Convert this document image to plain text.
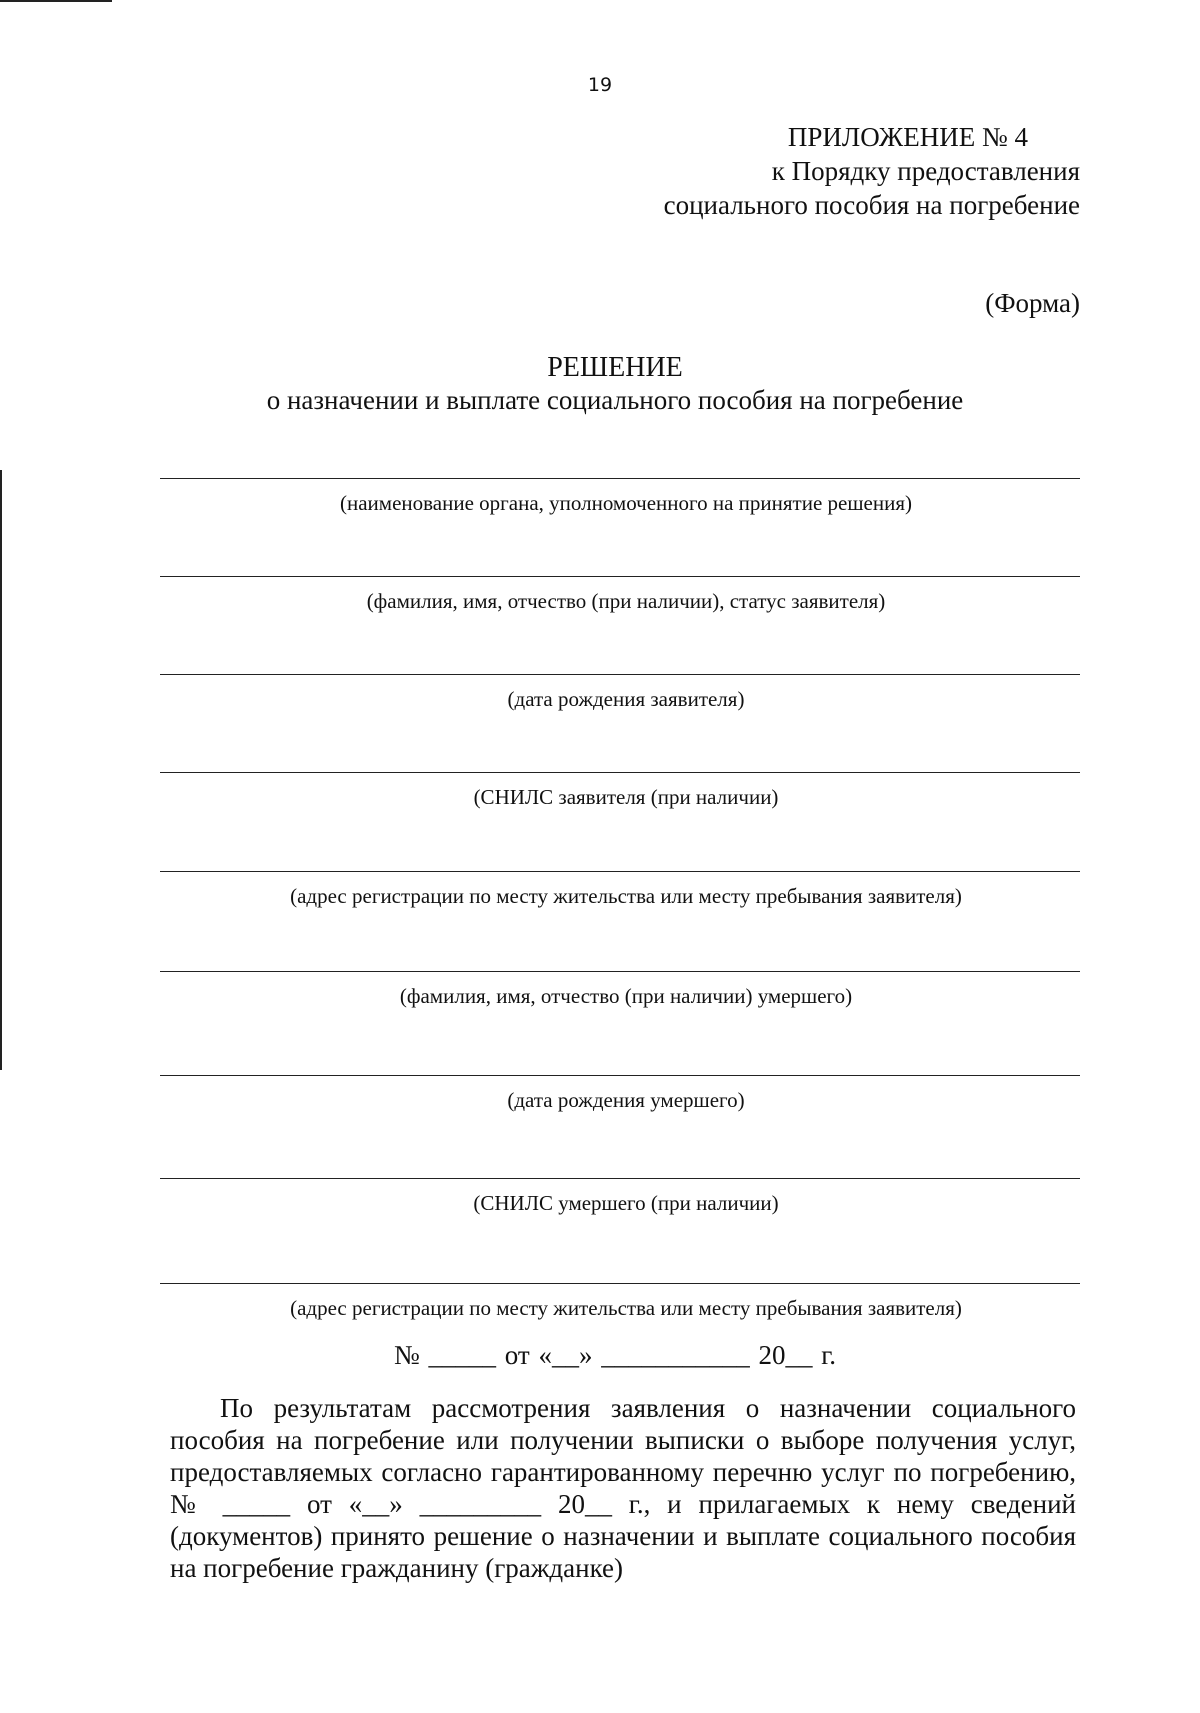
19
ПРИЛОЖЕНИЕ № 4
к Порядку предоставления
социального пособия на погребение
(Форма)
РЕШЕНИЕ
о назначении и выплате социального пособия на погребение
(наименование органа, уполномоченного на принятие решения)
(фамилия, имя, отчество (при наличии), статус заявителя)
(дата рождения заявителя)
(СНИЛС заявителя (при наличии)
(адрес регистрации по месту жительства или месту пребывания заявителя)
(фамилия, имя, отчество (при наличии) умершего)
(дата рождения умершего)
(СНИЛС умершего (при наличии)
(адрес регистрации по месту жительства или месту пребывания заявителя)
№ _____ от «__» ___________ 20__ г.
По результатам рассмотрения заявления о назначении социального пособия на погребение или получении выписки о выборе получения услуг, предоставляемых согласно гарантированному перечню услуг по погребению, № _____ от «__» _________ 20__ г., и прилагаемых к нему сведений (документов) принято решение о назначении и выплате социального пособия на погребение гражданину (гражданке)
